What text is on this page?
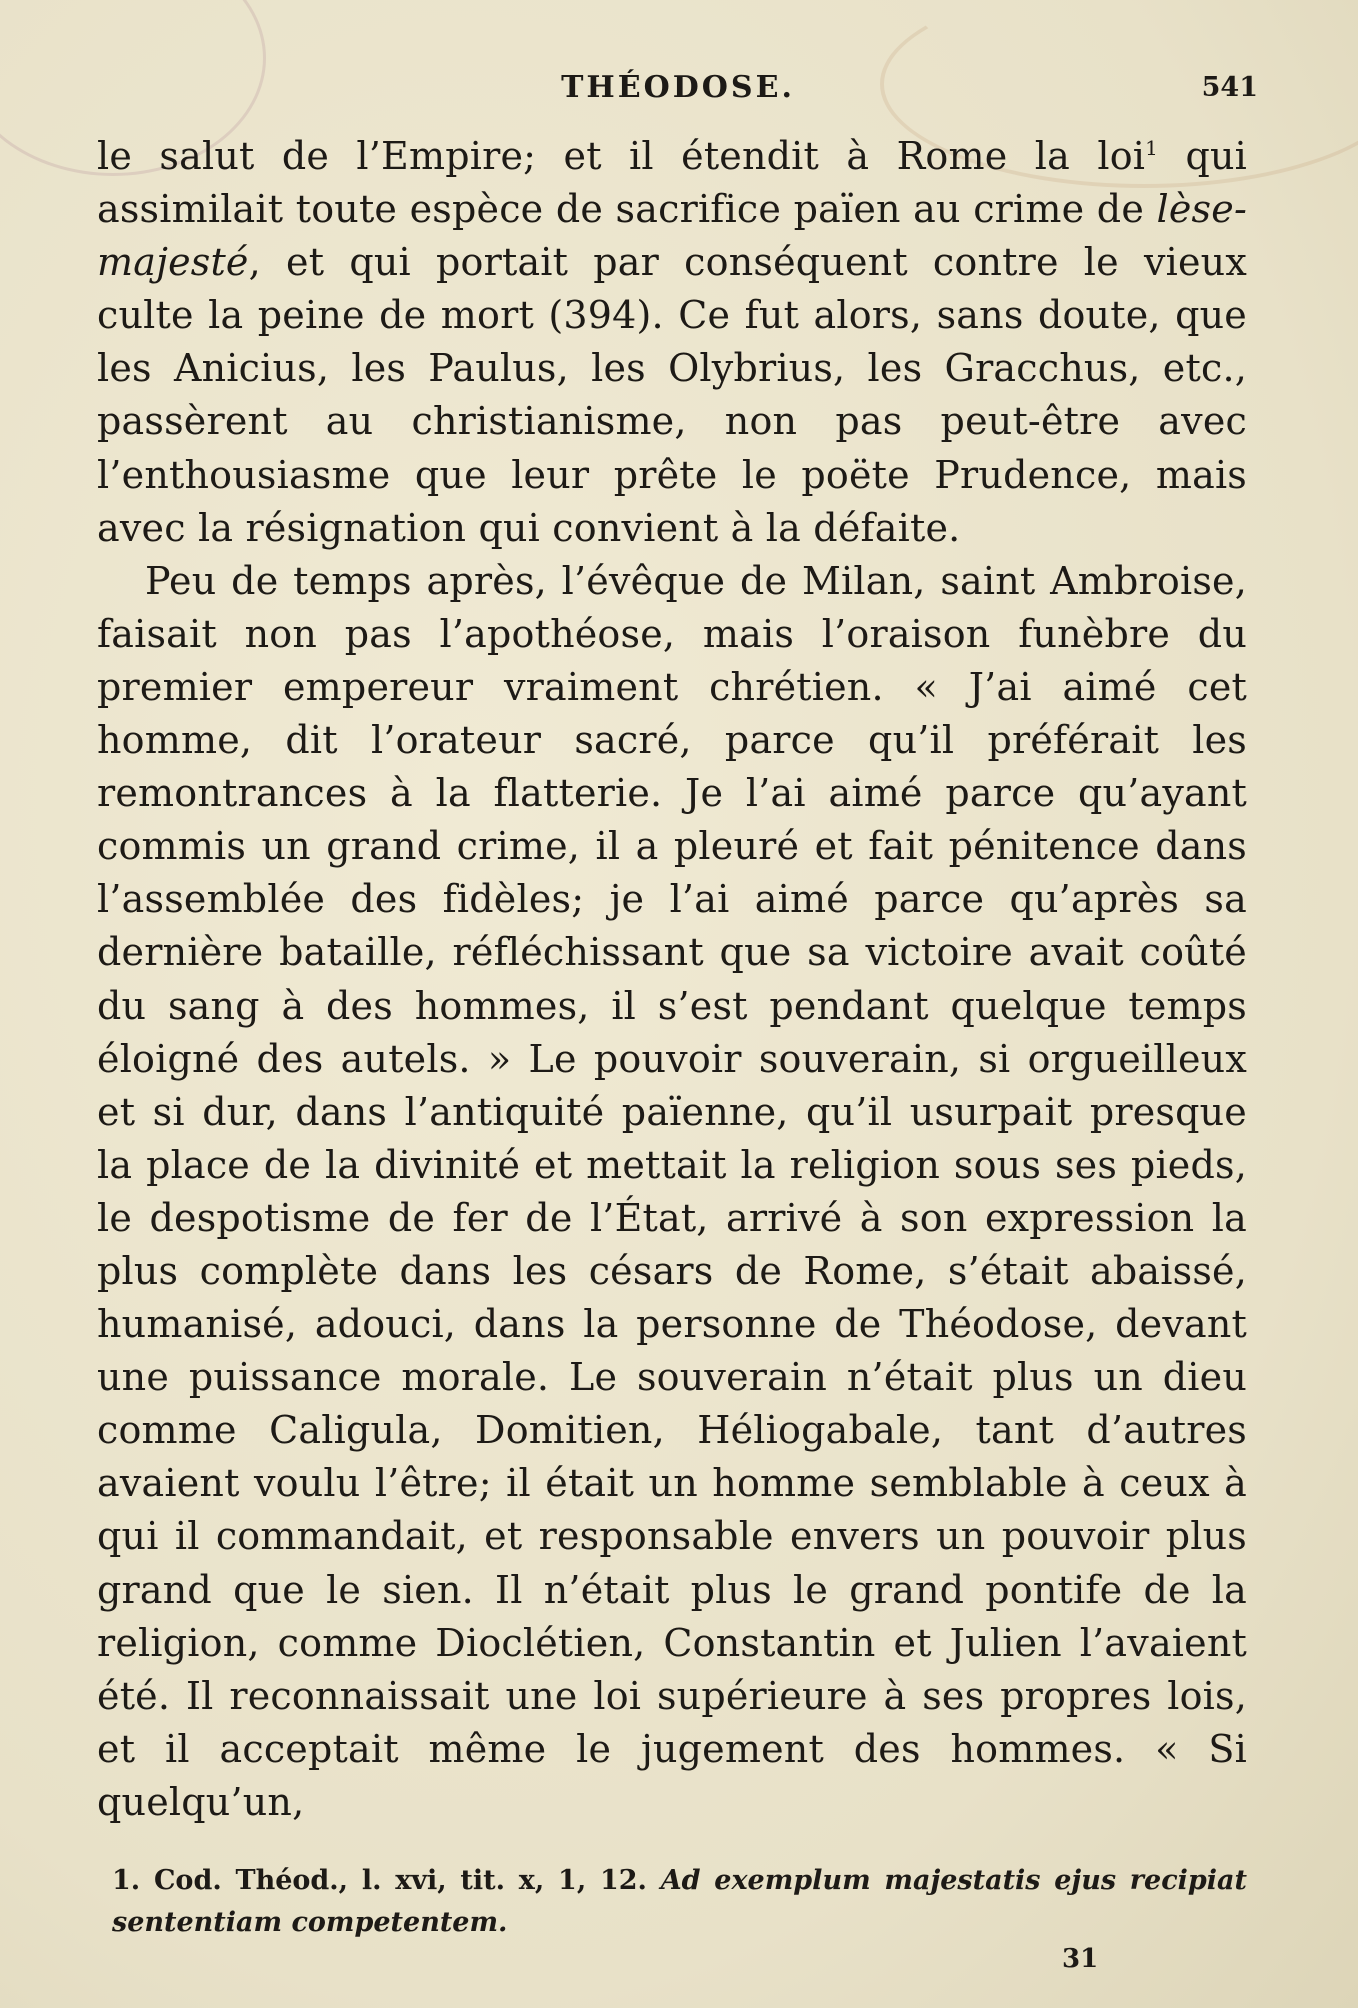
THÉODOSE.	541

le salut de l’Empire; et il étendit à Rome la loi$^1$ qui assimilait toute espèce de sacrifice païen au crime de lèse-majesté, et qui portait par conséquent contre le vieux culte la peine de mort (394). Ce fut alors, sans doute, que les Anicius, les Paulus, les Olybrius, les Gracchus, etc., passèrent au christianisme, non pas peut-être avec l’enthousiasme que leur prête le poëte Prudence, mais avec la résignation qui convient à la défaite.

Peu de temps après, l’évêque de Milan, saint Ambroise, faisait non pas l’apothéose, mais l’oraison funèbre du premier empereur vraiment chrétien. « J’ai aimé cet homme, dit l’orateur sacré, parce qu’il préférait les remontrances à la flatterie. Je l’ai aimé parce qu’ayant commis un grand crime, il a pleuré et fait pénitence dans l’assemblée des fidèles; je l’ai aimé parce qu’après sa dernière bataille, réfléchissant que sa victoire avait coûté du sang à des hommes, il s’est pendant quelque temps éloigné des autels. » Le pouvoir souverain, si orgueilleux et si dur, dans l’antiquité païenne, qu’il usurpait presque la place de la divinité et mettait la religion sous ses pieds, le despotisme de fer de l’État, arrivé à son expression la plus complète dans les césars de Rome, s’était abaissé, humanisé, adouci, dans la personne de Théodose, devant une puissance morale. Le souverain n’était plus un dieu comme Caligula, Domitien, Héliogabale, tant d’autres avaient voulu l’être; il était un homme semblable à ceux à qui il commandait, et responsable envers un pouvoir plus grand que le sien. Il n’était plus le grand pontife de la religion, comme Dioclétien, Constantin et Julien l’avaient été. Il reconnaissait une loi supérieure à ses propres lois, et il acceptait même le jugement des hommes. « Si quelqu’un,

1. Cod. Théod., l. xvi, tit. x, 1, 12. Ad exemplum majestatis ejus recipiat sententiam competentem.
31
